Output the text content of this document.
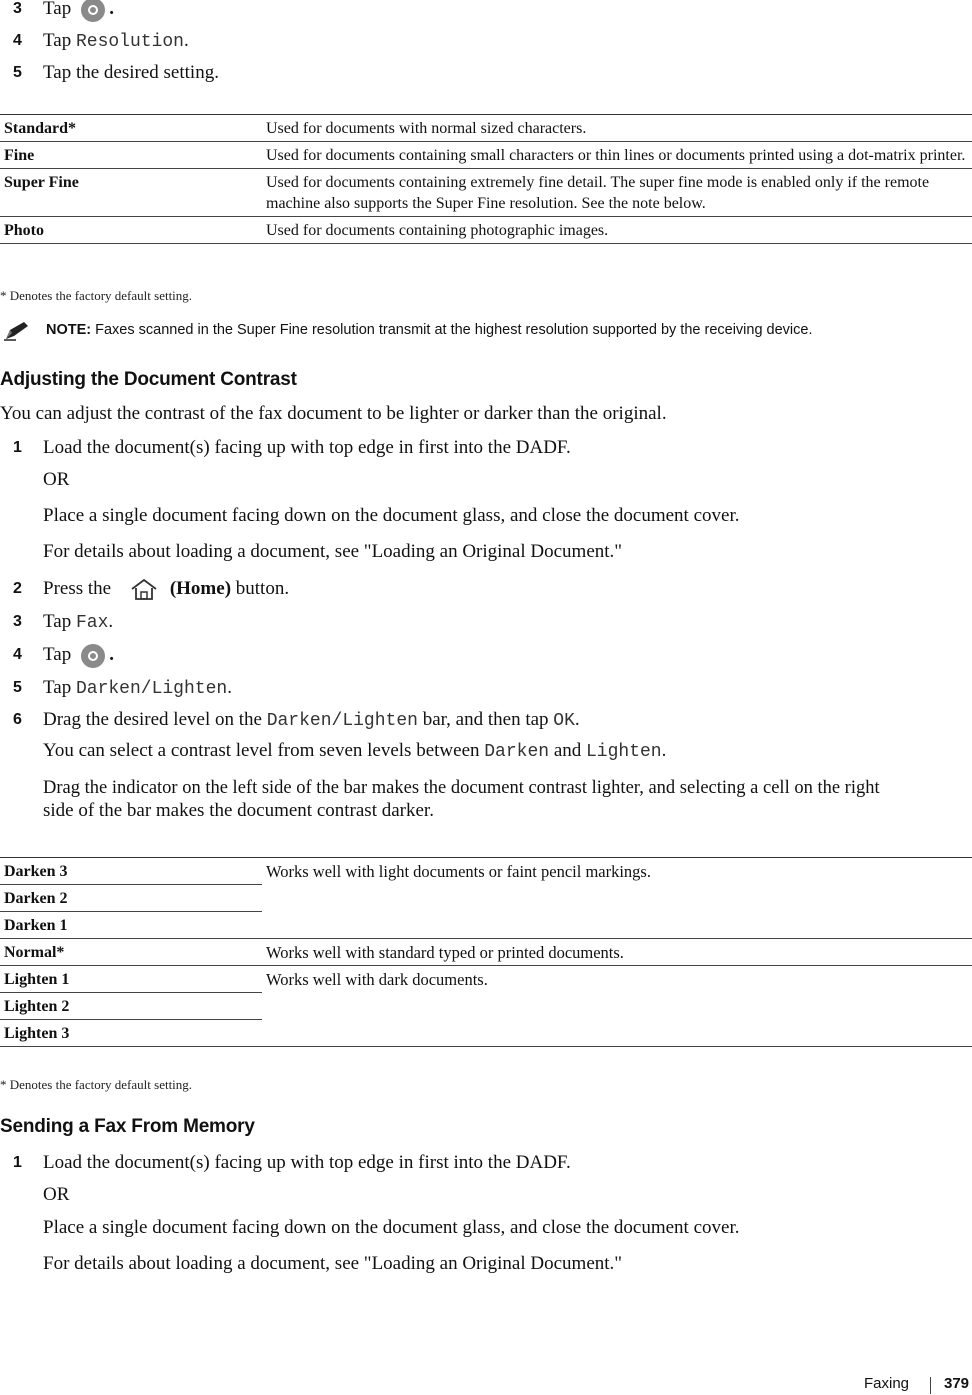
3 Tap .
4 Tap Resolution.
5 Tap the desired setting.
Standard*	Used for documents with normal sized characters.
Fine	Used for documents containing small characters or thin lines or documents printed using a dot-matrix printer.
Super Fine	Used for documents containing extremely fine detail. The super fine mode is enabled only if the remote machine also supports the Super Fine resolution. See the note below.
Photo	Used for documents containing photographic images.
* Denotes the factory default setting.
NOTE: Faxes scanned in the Super Fine resolution transmit at the highest resolution supported by the receiving device.
Adjusting the Document Contrast
You can adjust the contrast of the fax document to be lighter or darker than the original.
1 Load the document(s) facing up with top edge in first into the DADF.
OR
Place a single document facing down on the document glass, and close the document cover.
For details about loading a document, see "Loading an Original Document."
2 Press the	(Home) button.
3 Tap Fax.
4 Tap .
5 Tap Darken/Lighten.
6 Drag the desired level on the Darken/Lighten bar, and then tap OK.
You can select a contrast level from seven levels between Darken and Lighten.
Drag the indicator on the left side of the bar makes the document contrast lighter, and selecting a cell on the right
side of the bar makes the document contrast darker.
Darken 3	Works well with light documents or faint pencil markings.
Darken 2	
Darken 1	
Normal*	Works well with standard typed or printed documents.
Lighten 1	Works well with dark documents.
Lighten 2	
Lighten 3	
* Denotes the factory default setting.
Sending a Fax From Memory
1 Load the document(s) facing up with top edge in first into the DADF.
OR
Place a single document facing down on the document glass, and close the document cover.
For details about loading a document, see "Loading an Original Document."
Faxing 379
